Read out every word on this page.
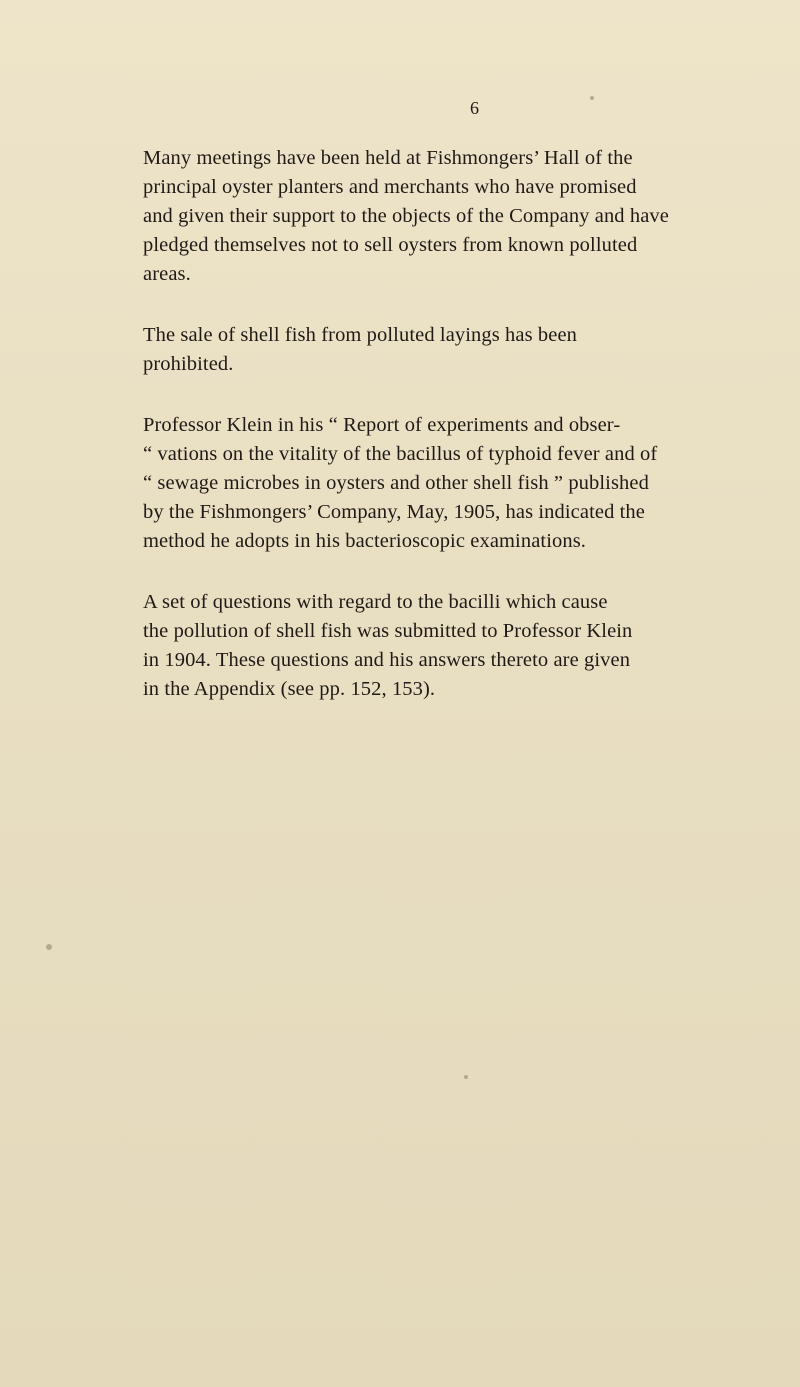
6

Many meetings have been held at Fishmongers’ Hall of the
principal oyster planters and merchants who have promised
and given their support to the objects of the Company and have
pledged themselves not to sell oysters from known polluted
areas.

The sale of shell fish from polluted layings has been
prohibited.

Professor Klein in his “ Report of experiments and obser-
“ vations on the vitality of the bacillus of typhoid fever and of
“ sewage microbes in oysters and other shell fish ” published
by the Fishmongers’ Company, May, 1905, has indicated the
method he adopts in his bacterioscopic examinations.

A set of questions with regard to the bacilli which cause
the pollution of shell fish was submitted to Professor Klein
in 1904. These questions and his answers thereto are given
in the Appendix (see pp. 152, 153).
